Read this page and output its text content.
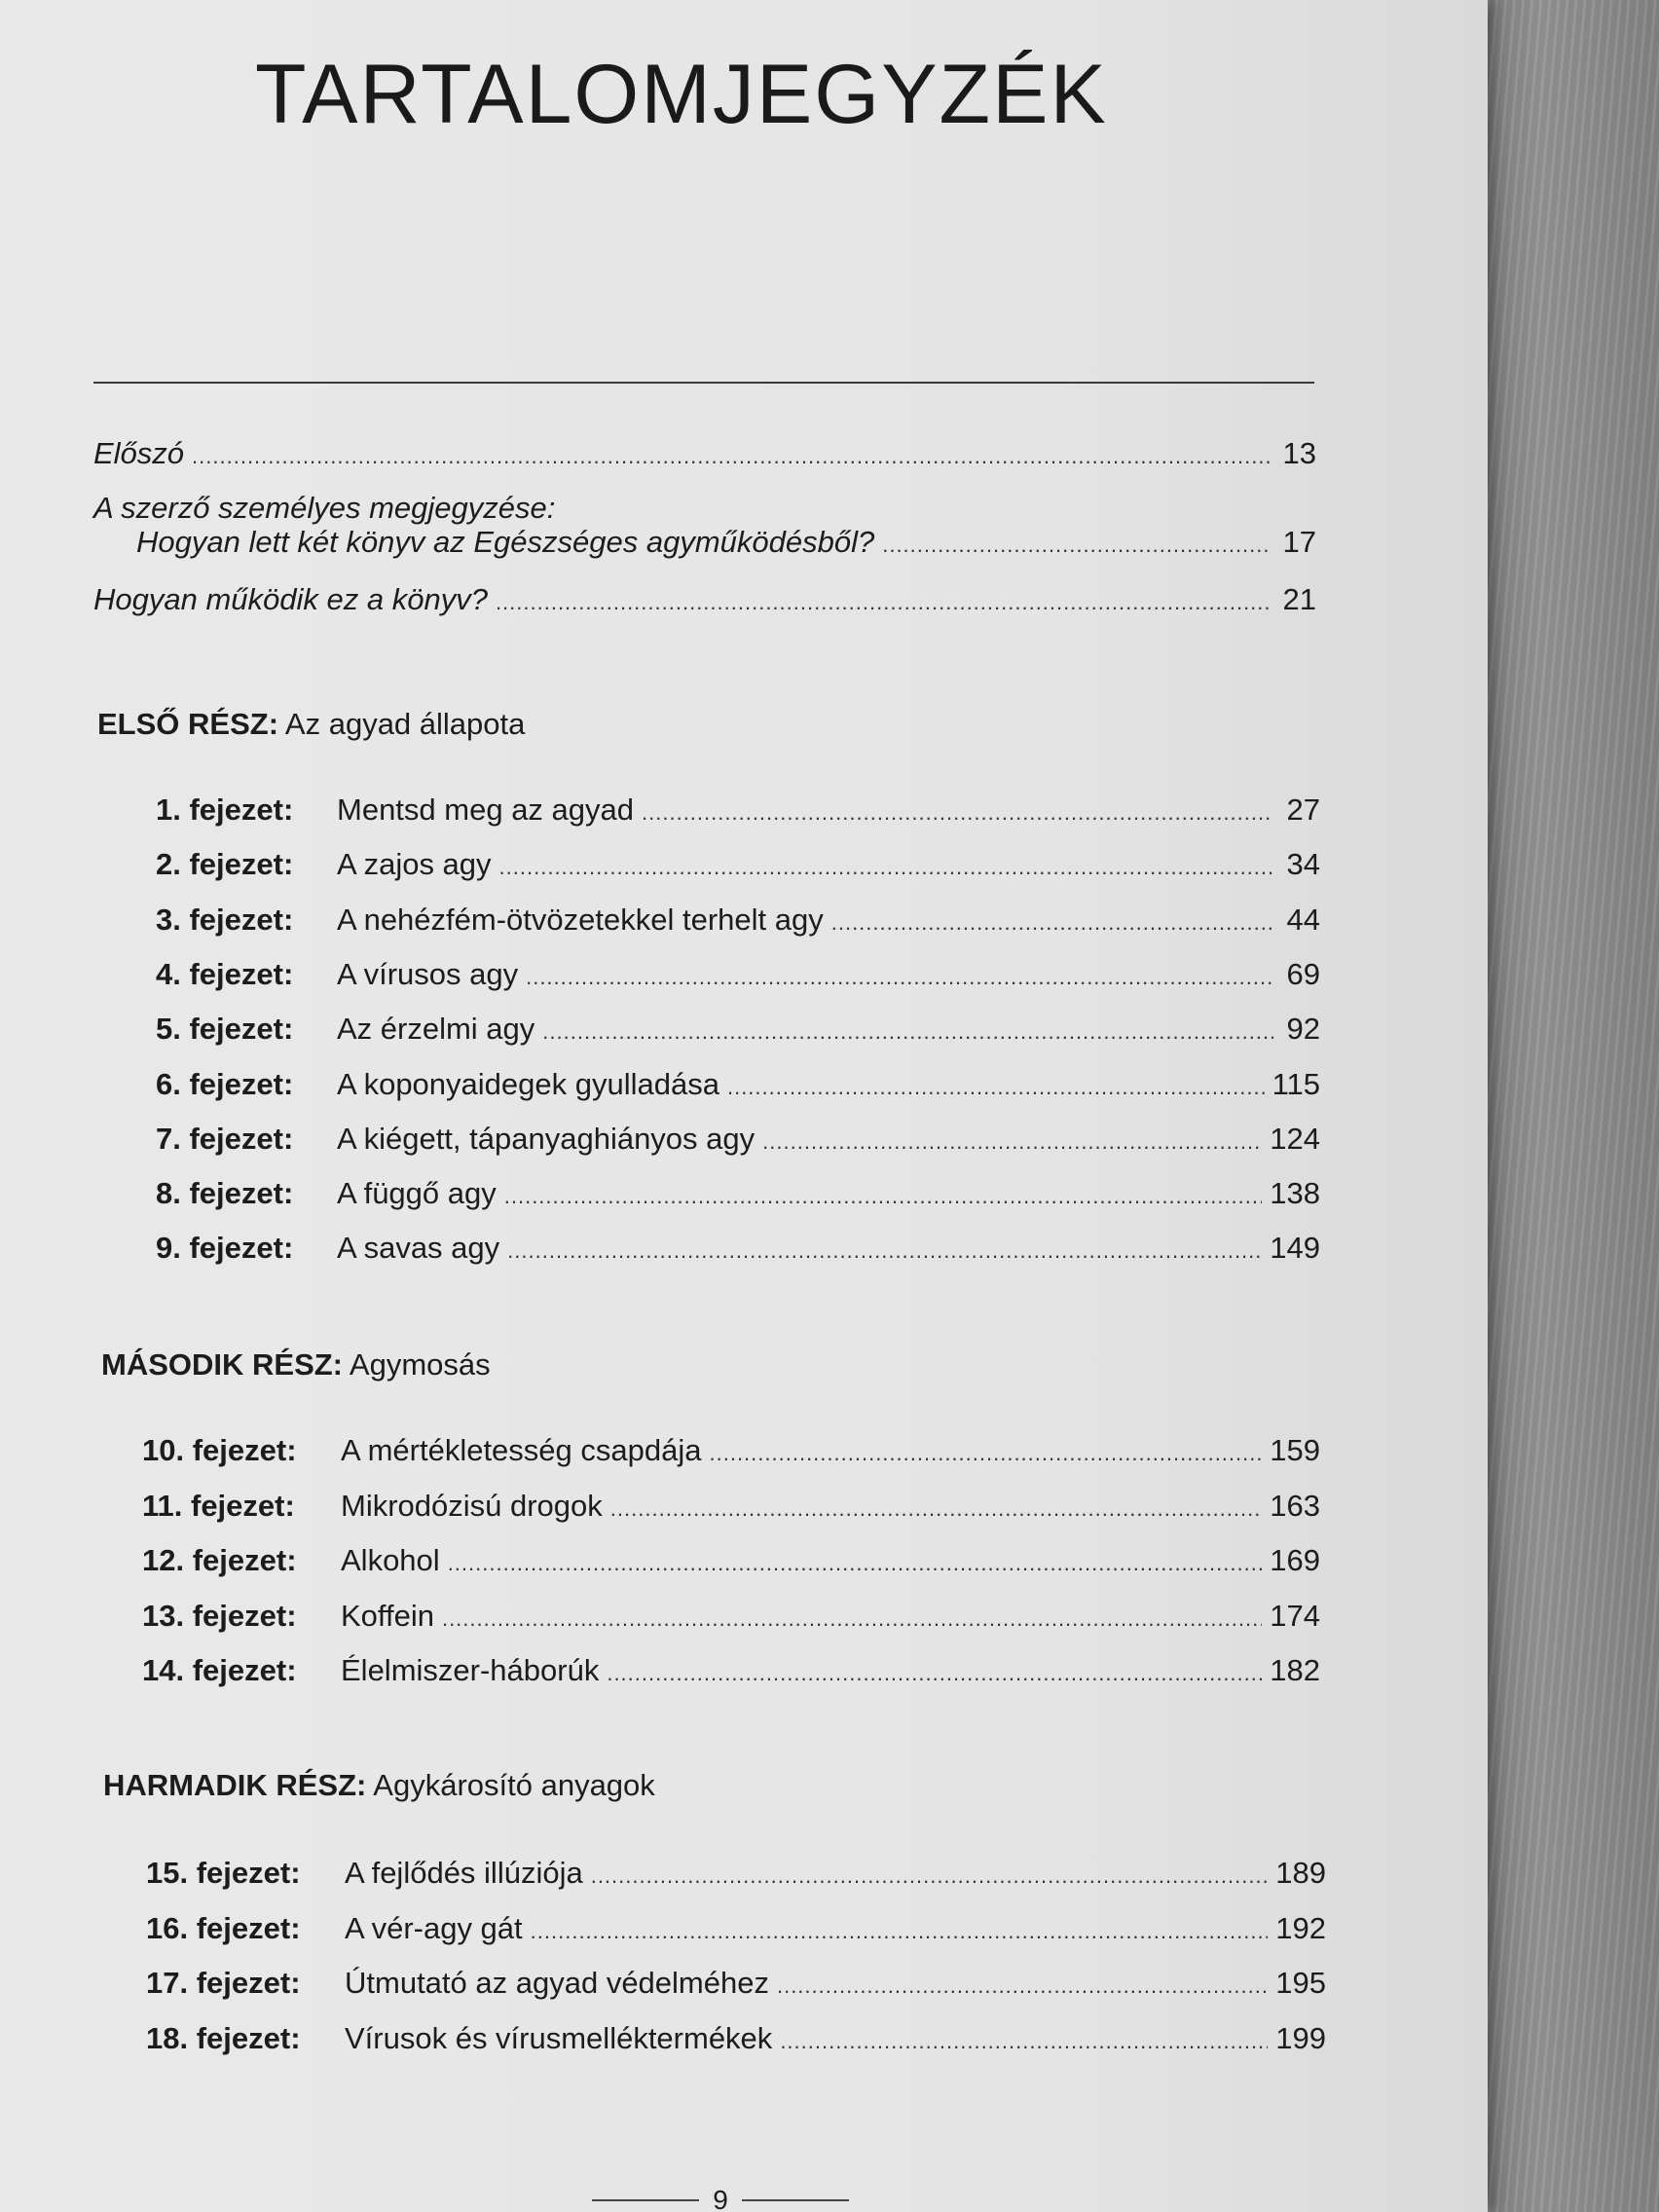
TARTALOMJEGYZÉK
Előszó .....	13
A szerző személyes megjegyzése:
Hogyan lett két könyv az Egészséges agyműködésből? .....	17
Hogyan működik ez a könyv? .....	21
ELSŐ RÉSZ: Az agyad állapota
1. fejezet:	Mentsd meg az agyad .....	27
2. fejezet:	A zajos agy .....	34
3. fejezet:	A nehézfém-ötvözetekkel terhelt agy .....	44
4. fejezet:	A vírusos agy .....	69
5. fejezet:	Az érzelmi agy .....	92
6. fejezet:	A koponyaidegek gyulladása .....	115
7. fejezet:	A kiégett, tápanyaghiányos agy .....	124
8. fejezet:	A függő agy .....	138
9. fejezet:	A savas agy .....	149
MÁSODIK RÉSZ: Agymosás
10. fejezet:	A mértékletesség csapdája .....	159
11. fejezet:	Mikrodózisú drogok .....	163
12. fejezet:	Alkohol .....	169
13. fejezet:	Koffein .....	174
14. fejezet:	Élelmiszer-háborúk .....	182
HARMADIK RÉSZ: Agykárosító anyagok
15. fejezet:	A fejlődés illúziója .....	189
16. fejezet:	A vér-agy gát .....	192
17. fejezet:	Útmutató az agyad védelméhez .....	195
18. fejezet:	Vírusok és vírusmelléktermékek .....	199
9
